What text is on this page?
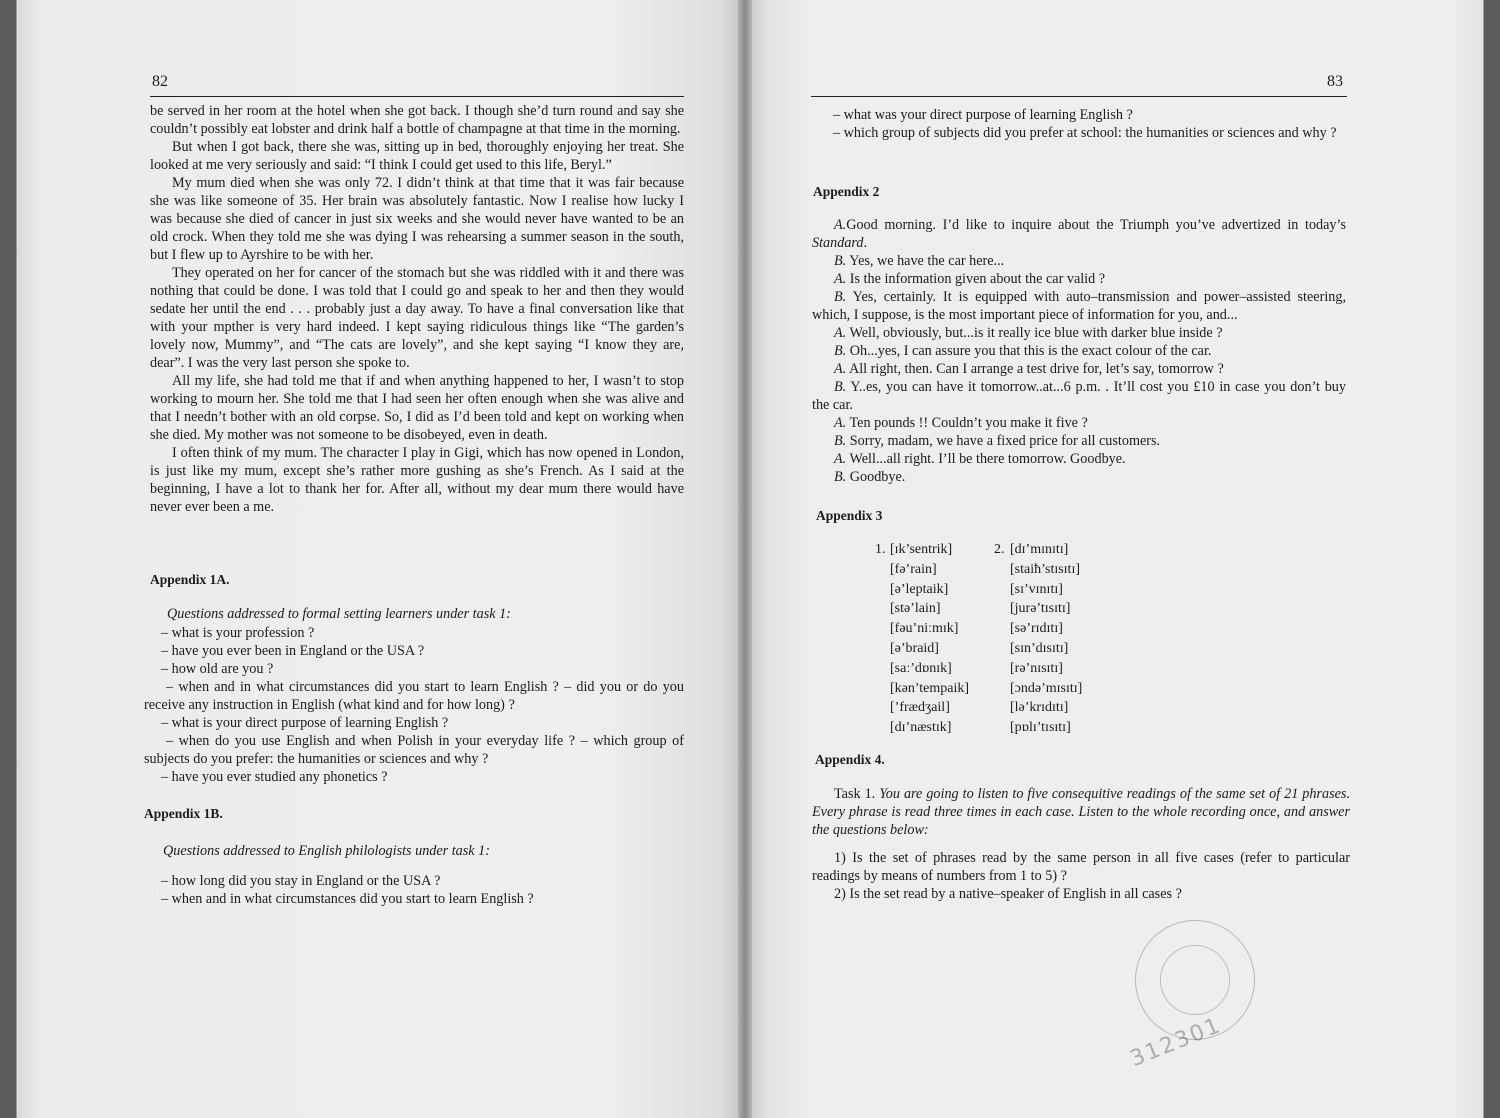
82

be served in her room at the hotel when she got back. I though she’d turn round and say she couldn’t possibly eat lobster and drink half a bottle of champagne at that time in the morning.

But when I got back, there she was, sitting up in bed, thoroughly enjoying her treat. She looked at me very seriously and said: “I think I could get used to this life, Beryl.”

My mum died when she was only 72. I didn’t think at that time that it was fair because she was like someone of 35. Her brain was absolutely fantastic. Now I realise how lucky I was because she died of cancer in just six weeks and she would never have wanted to be an old crock. When they told me she was dying I was rehearsing a summer season in the south, but I flew up to Ayrshire to be with her.

They operated on her for cancer of the stomach but she was riddled with it and there was nothing that could be done. I was told that I could go and speak to her and then they would sedate her until the end . . . probably just a day away. To have a final conversation like that with your mpther is very hard indeed. I kept saying ridiculous things like “The garden’s lovely now, Mummy”, and “The cats are lovely”, and she kept saying “I know they are, dear”. I was the very last person she spoke to.

All my life, she had told me that if and when anything happened to her, I wasn’t to stop working to mourn her. She told me that I had seen her often enough when she was alive and that I needn’t bother with an old corpse. So, I did as I’d been told and kept on working when she died. My mother was not someone to be disobeyed, even in death.

I often think of my mum. The character I play in Gigi, which has now opened in London, is just like my mum, except she’s rather more gushing as she’s French. As I said at the beginning, I have a lot to thank her for. After all, without my dear mum there would have never ever been a me.

Appendix 1A.
Questions addressed to formal setting learners under task 1:

– what is your profession ?

– have you ever been in England or the USA ?

– how old are you ?

– when and in what circumstances did you start to learn English ? – did you or do you receive any instruction in English (what kind and for how long) ?

– what is your direct purpose of learning English ?

– when do you use English and when Polish in your everyday life ? – which group of subjects do you prefer: the humanities or sciences and why ?

– have you ever studied any phonetics ?

Appendix 1B.
Questions addressed to English philologists under task 1:

– how long did you stay in England or the USA ?

– when and in what circumstances did you start to learn English ?

83

– what was your direct purpose of learning English ?

– which group of subjects did you prefer at school: the humanities or sciences and why ?

Appendix 2

A.Good morning. I’d like to inquire about the Triumph you’ve advertized in today’s Standard.

B. Yes, we have the car here...

A. Is the information given about the car valid ?

B. Yes, certainly. It is equipped with auto–transmission and power–assisted steering, which, I suppose, is the most important piece of information for you, and...

A. Well, obviously, but...is it really ice blue with darker blue inside ?

B. Oh...yes, I can assure you that this is the exact colour of the car.

A. All right, then. Can I arrange a test drive for, let’s say, tomorrow ?

B. Y..es, you can have it tomorrow..at...6 p.m. . It’ll cost you £10 in case you don’t buy the car.

A. Ten pounds !! Couldn’t you make it five ?

B. Sorry, madam, we have a fixed price for all customers.

A. Well...all right. I’ll be there tomorrow. Goodbye.

B. Goodbye.

Appendix 3
1. [ɪk’sentrik]
[fə’rain]
[ə’leptaik]
[stə’lain]
[fəu’niːmɪk]
[ə’braid]
[saː’dɒnɪk]
[kən’tempaik]
[’frædʒail]
[dɪ’næstɪk]
2. [dɪ’mɪnɪtɪ]
[staiħ’stɪsɪtɪ]
[sɪ’vɪnɪtɪ]
[jurə’tɪsɪtɪ]
[sə’rɪdɪtɪ]
[sɪn’dɪsɪtɪ]
[rə’nɪsɪtɪ]
[ɔndə’mɪsɪtɪ]
[lə’krɪdɪtɪ]
[pɒlɪ’tɪsɪtɪ]
Appendix 4.

Task 1. You are going to listen to five consequitive readings of the same set of 21 phrases. Every phrase is read three times in each case. Listen to the whole recording once, and answer the questions below:

1) Is the set of phrases read by the same person in all five cases (refer to particular readings by means of numbers from 1 to 5) ?

2) Is the set read by a native–speaker of English in all cases ?

312301
